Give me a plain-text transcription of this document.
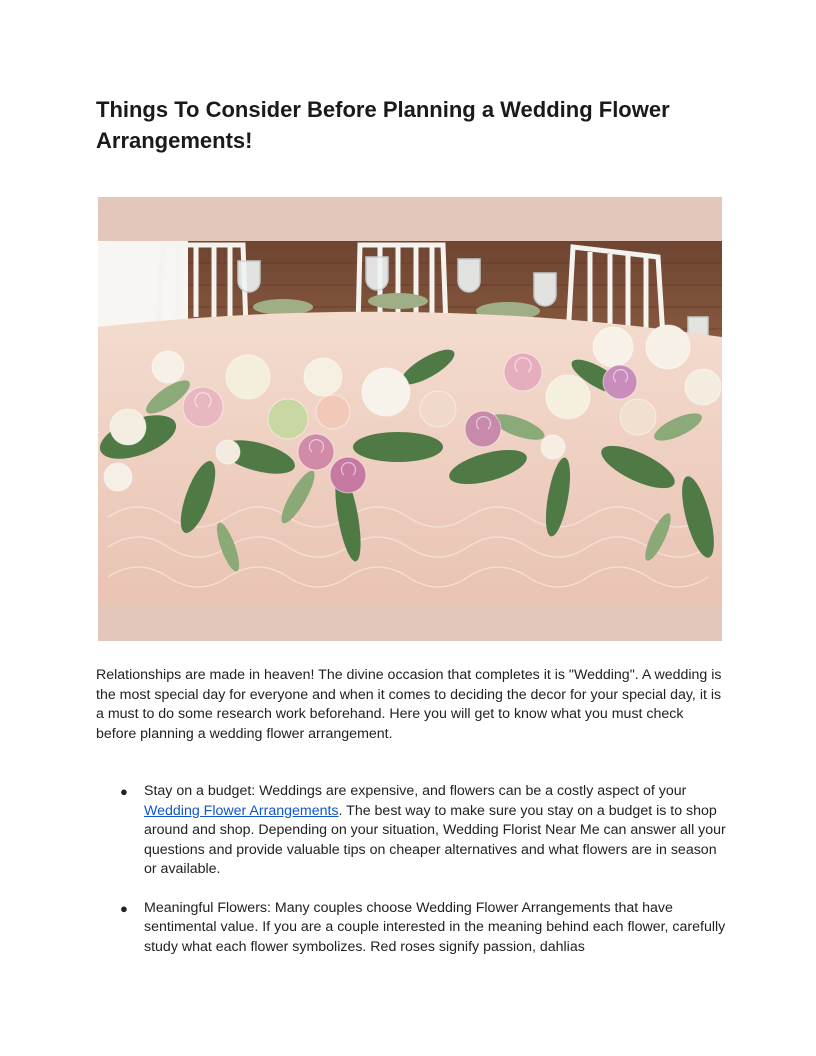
Things To Consider Before Planning a Wedding Flower Arrangements!

Relationships are made in heaven! The divine occasion that completes it is "Wedding". A wedding is the most special day for everyone and when it comes to deciding the decor for your special day, it is a must to do some research work beforehand. Here you will get to know what you must check before planning a wedding flower arrangement.

● Stay on a budget: Weddings are expensive, and flowers can be a costly aspect of your Wedding Flower Arrangements. The best way to make sure you stay on a budget is to shop around and shop. Depending on your situation, Wedding Florist Near Me can answer all your questions and provide valuable tips on cheaper alternatives and what flowers are in season or available.
● Meaningful Flowers: Many couples choose Wedding Flower Arrangements that have sentimental value. If you are a couple interested in the meaning behind each flower, carefully study what each flower symbolizes. Red roses signify passion, dahlias
